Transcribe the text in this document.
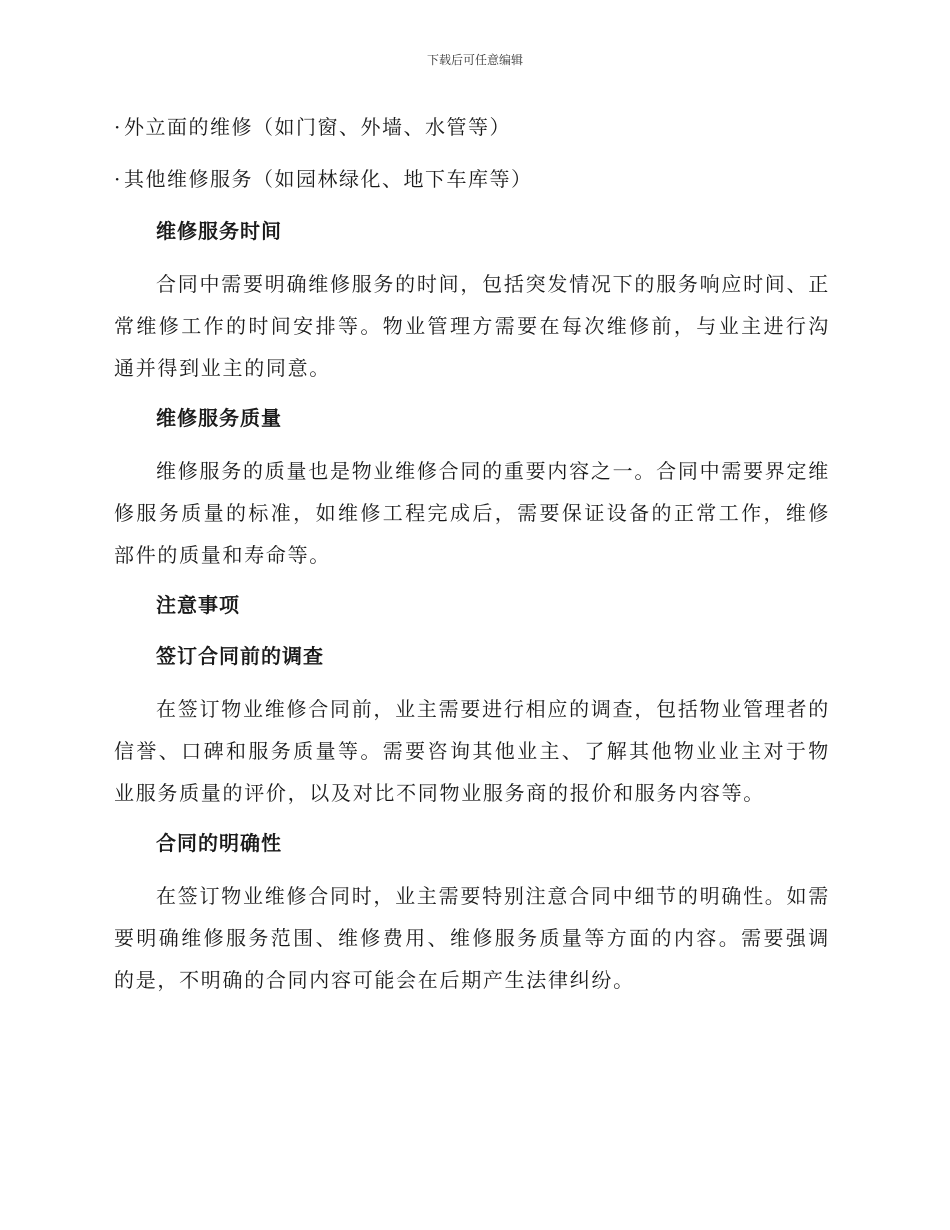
下载后可任意编辑

· 外立面的维修（如门窗、外墙、水管等）

· 其他维修服务（如园林绿化、地下车库等）

维修服务时间

合同中需要明确维修服务的时间，包括突发情况下的服务响应时间、正常维修工作的时间安排等。物业管理方需要在每次维修前，与业主进行沟通并得到业主的同意。

维修服务质量

维修服务的质量也是物业维修合同的重要内容之一。合同中需要界定维修服务质量的标准，如维修工程完成后，需要保证设备的正常工作，维修部件的质量和寿命等。

注意事项
签订合同前的调查

在签订物业维修合同前，业主需要进行相应的调查，包括物业管理者的信誉、口碑和服务质量等。需要咨询其他业主、了解其他物业业主对于物业服务质量的评价，以及对比不同物业服务商的报价和服务内容等。

合同的明确性

在签订物业维修合同时，业主需要特别注意合同中细节的明确性。如需要明确维修服务范围、维修费用、维修服务质量等方面的内容。需要强调的是，不明确的合同内容可能会在后期产生法律纠纷。
